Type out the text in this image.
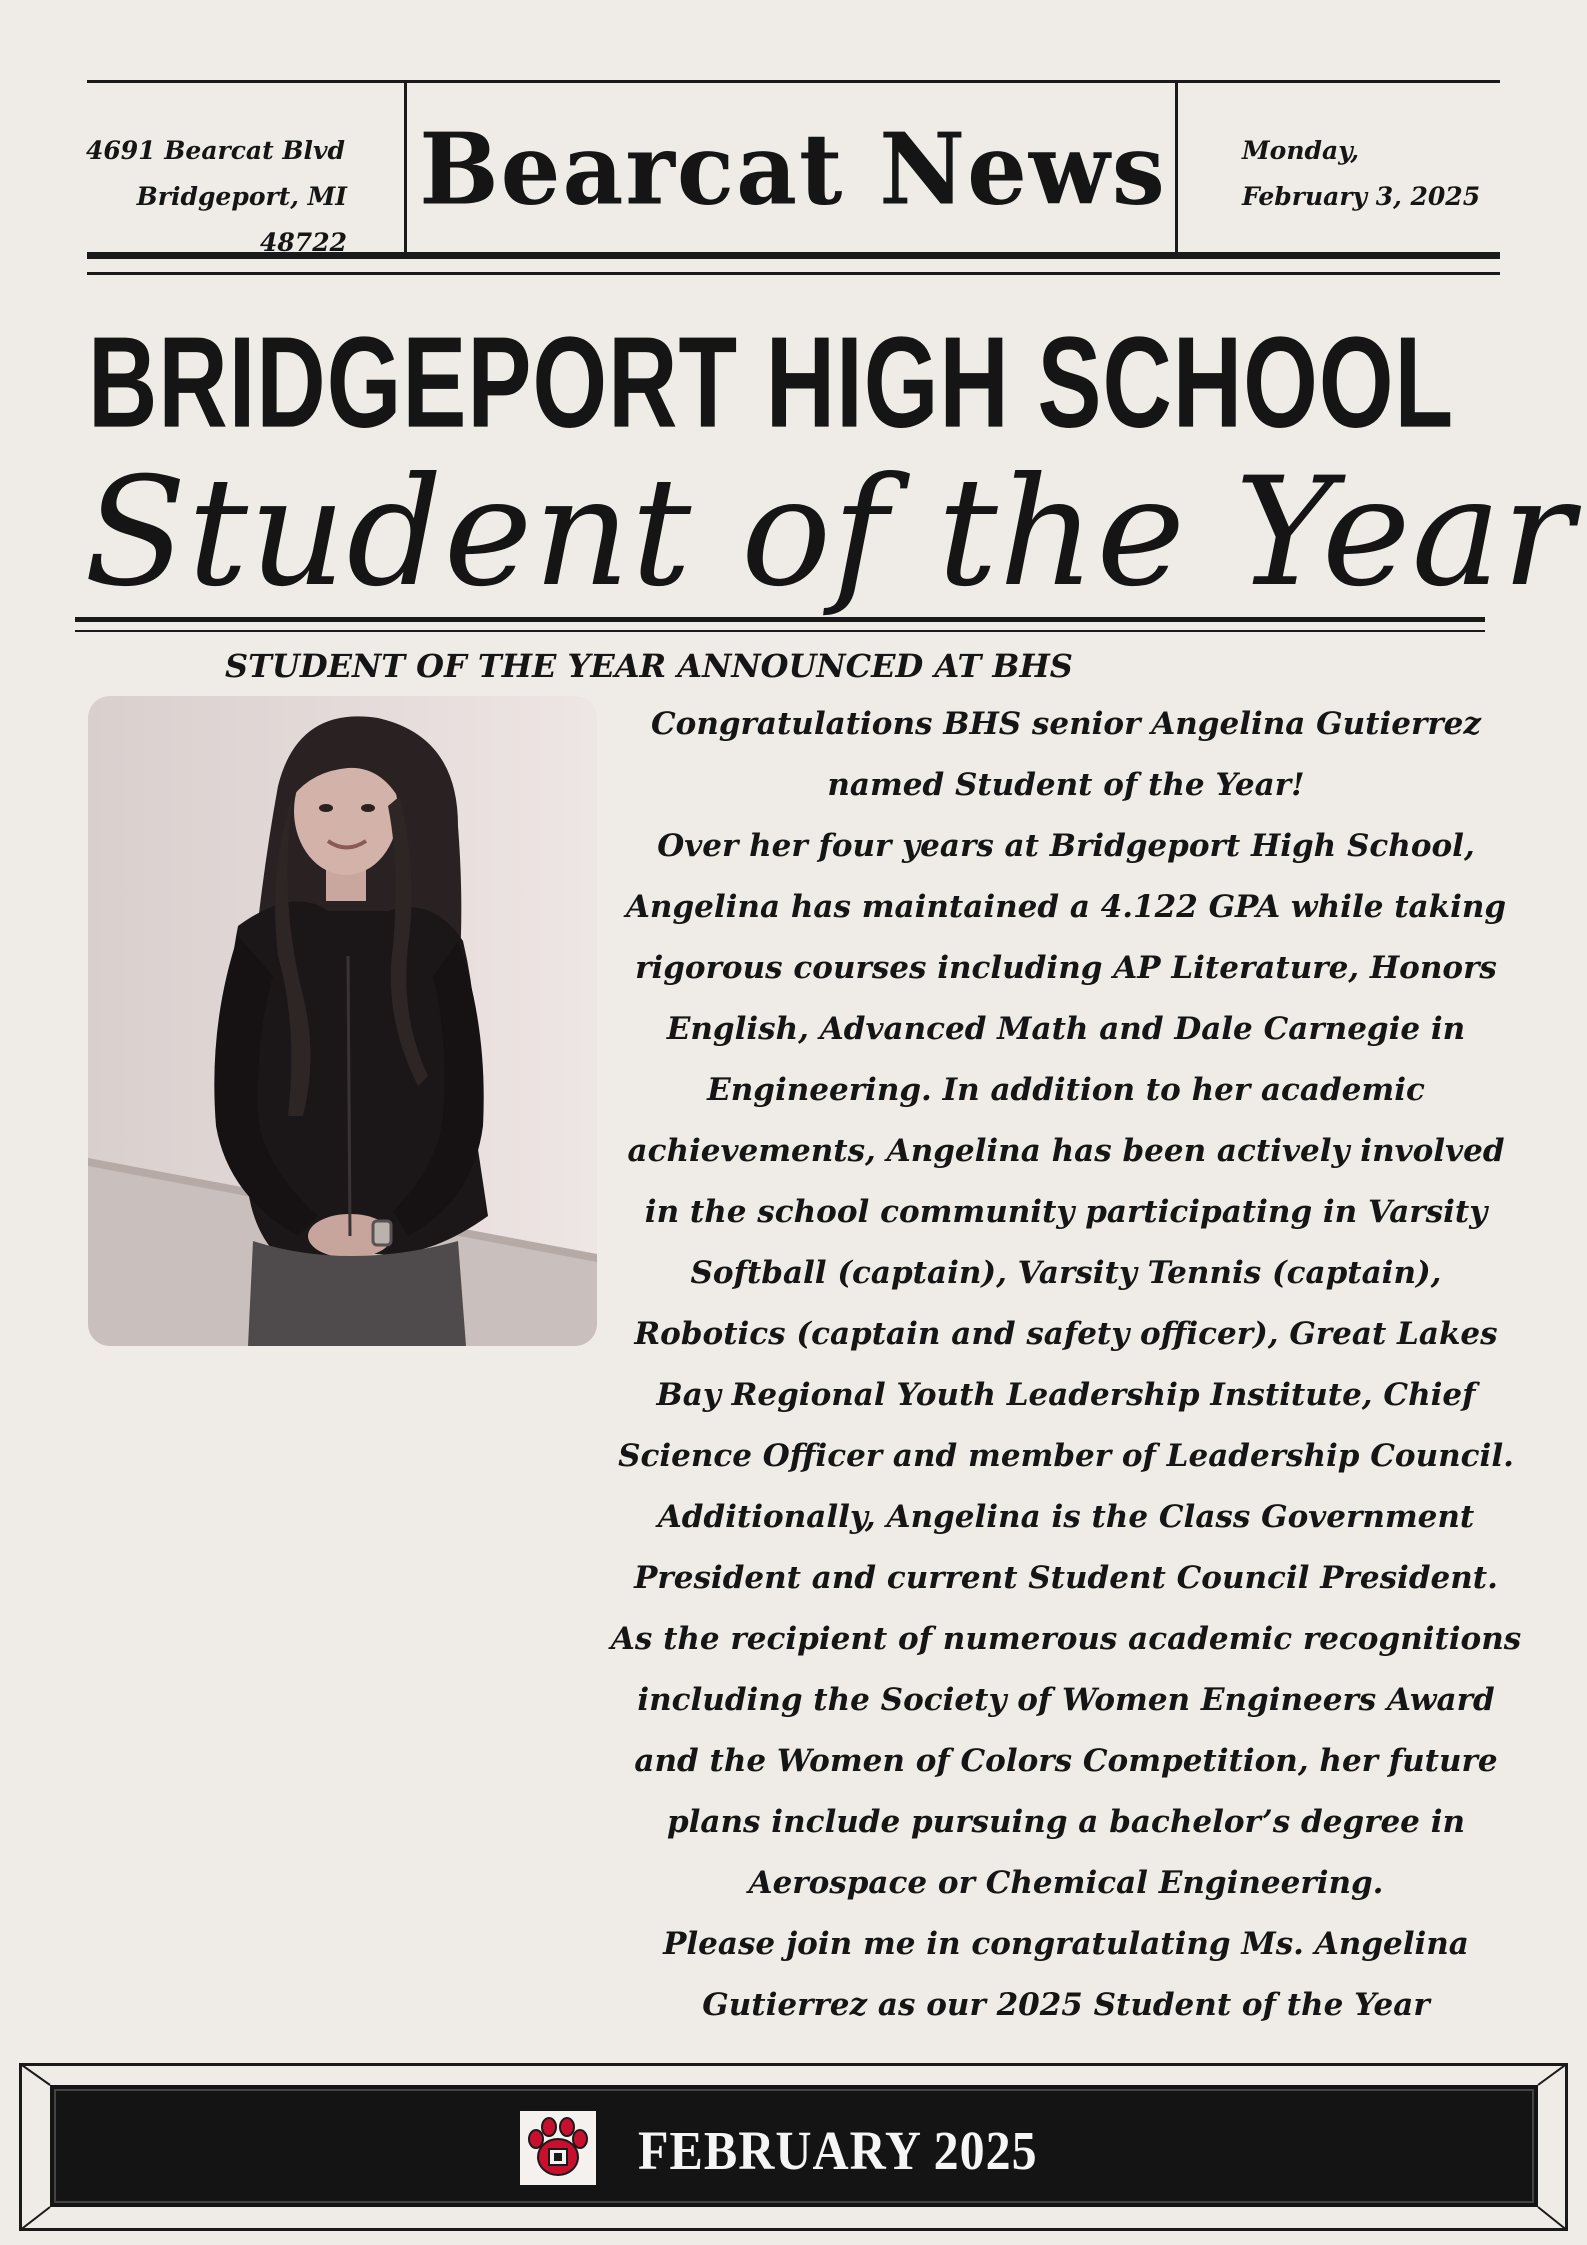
4691 Bearcat Blvd
Bridgeport, MI
48722
Bearcat News	Monday,
February 3, 2025
BRIDGEPORT HIGH SCHOOL
Student of the Year
STUDENT OF THE YEAR ANNOUNCED AT BHS

Congratulations BHS senior Angelina Gutierrez

named Student of the Year!

Over her four years at Bridgeport High School,

Angelina has maintained a 4.122 GPA while taking

rigorous courses including AP Literature, Honors

English, Advanced Math and Dale Carnegie in

Engineering. In addition to her academic

achievements, Angelina has been actively involved

in the school community participating in Varsity

Softball (captain), Varsity Tennis (captain),

Robotics (captain and safety officer), Great Lakes

Bay Regional Youth Leadership Institute, Chief

Science Officer and member of Leadership Council.

Additionally, Angelina is the Class Government

President and current Student Council President.

As the recipient of numerous academic recognitions

including the Society of Women Engineers Award

and the Women of Colors Competition, her future

plans include pursuing a bachelor’s degree in

Aerospace or Chemical Engineering.

Please join me in congratulating Ms. Angelina

Gutierrez as our 2025 Student of the Year

FEBRUARY 2025
